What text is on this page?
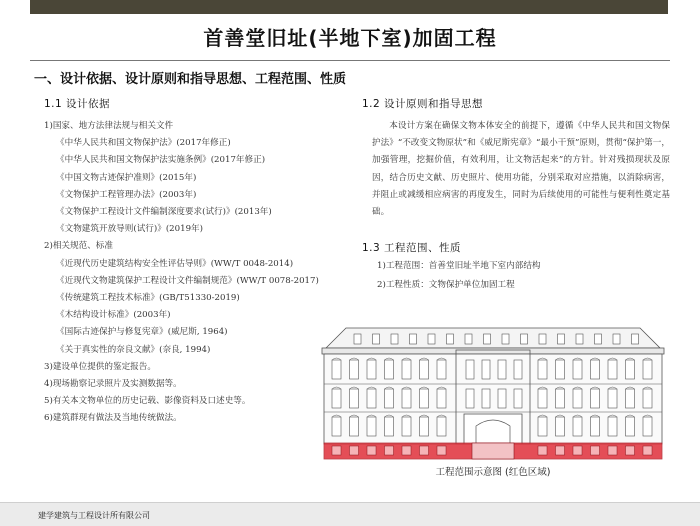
首善堂旧址(半地下室)加固工程
一、设计依据、设计原则和指导思想、工程范围、性质
1.1 设计依据
1)国家、地方法律法规与相关文件
《中华人民共和国文物保护法》(2017年修正)
《中华人民共和国文物保护法实施条例》(2017年修正)
《中国文物古迹保护准则》(2015年)
《文物保护工程管理办法》(2003年)
《文物保护工程设计文件编制深度要求(试行)》(2013年)
《文物建筑开放导则(试行)》(2019年)
2)相关规范、标准
《近现代历史建筑结构安全性评估导则》(WW/T 0048-2014)
《近现代文物建筑保护工程设计文件编制规范》(WW/T 0078-2017)
《传统建筑工程技术标准》(GB/T51330-2019)
《木结构设计标准》(2003年)
《国际古迹保护与修复宪章》(威尼斯, 1964)
《关于真实性的奈良文献》(奈良, 1994)
3)建设单位提供的鉴定报告。
4)现场勘察记录照片及实测数据等。
5)有关本文物单位的历史记载、影像资料及口述史等。
6)建筑群现有做法及当地传统做法。
1.2 设计原则和指导思想
本设计方案在确保文物本体安全的前提下，遵循《中华人民共和国文物保护法》“不改变文物原状”和《威尼斯宪章》“最小干预”原则，贯彻“保护第一，加强管理，挖掘价值，有效利用，让文物活起来”的方针。针对残损现状及原因，结合历史文献、历史照片、使用功能，分别采取对应措施，以消除病害，并阻止或减缓相应病害的再度发生，同时为后续使用的可能性与便利性奠定基础。
1.3 工程范围、性质
1)工程范围：首善堂旧址半地下室内部结构
2)工程性质：文物保护单位加固工程
工程范围示意图 (红色区域)
建学建筑与工程设计所有限公司
